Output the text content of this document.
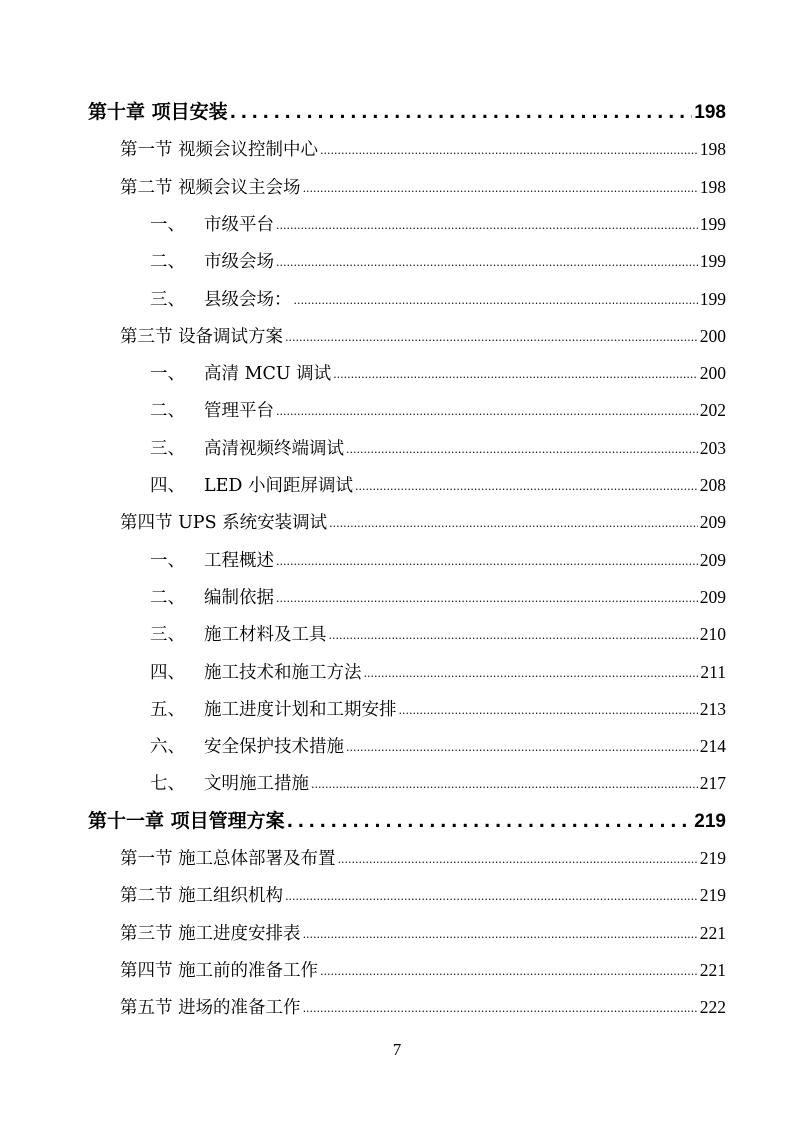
第十章 项目安装 .....	198
第一节 视频会议控制中心 .....	198
第二节 视频会议主会场 .....	198
一、	市级平台 .....	199
二、	市级会场 .....	199
三、	县级会场： .....	199
第三节 设备调试方案 .....	200
一、	高清 MCU 调试 .....	200
二、	管理平台 .....	202
三、	高清视频终端调试 .....	203
四、	LED 小间距屏调试 .....	208
第四节 UPS 系统安装调试 .....	209
一、	工程概述 .....	209
二、	编制依据 .....	209
三、	施工材料及工具 .....	210
四、	施工技术和施工方法 .....	211
五、	施工进度计划和工期安排 .....	213
六、	安全保护技术措施 .....	214
七、	文明施工措施 .....	217
第十一章 项目管理方案 .....	219
第一节 施工总体部署及布置 .....	219
第二节 施工组织机构 .....	219
第三节 施工进度安排表 .....	221
第四节 施工前的准备工作 .....	221
第五节 进场的准备工作 .....	222
7
